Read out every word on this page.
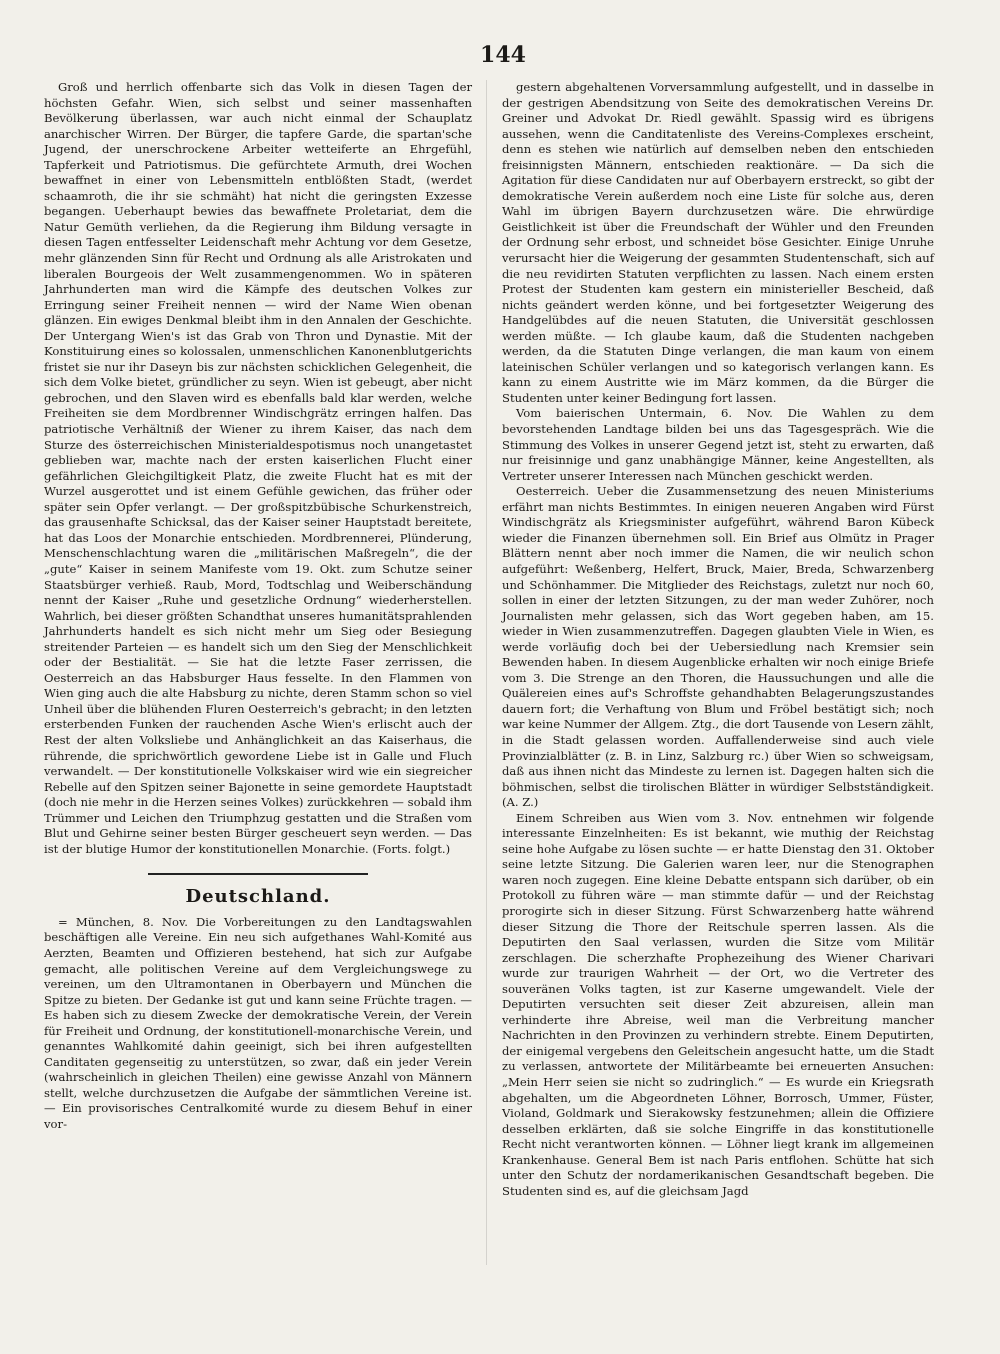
144

Groß und herrlich offenbarte sich das Volk in diesen Tagen der höchsten Gefahr. Wien, sich selbst und seiner massenhaften Bevölkerung überlassen, war auch nicht einmal der Schauplatz anarchischer Wirren. Der Bürger, die tapfere Garde, die spartan'sche Jugend, der unerschrockene Arbeiter wetteiferte an Ehrgefühl, Tapferkeit und Patriotismus. Die gefürchtete Armuth, drei Wochen bewaffnet in einer von Lebensmitteln entblößten Stadt, (werdet schaamroth, die ihr sie schmäht) hat nicht die geringsten Exzesse begangen. Ueberhaupt bewies das bewaffnete Proletariat, dem die Natur Gemüth verliehen, da die Regierung ihm Bildung versagte in diesen Tagen entfesselter Leidenschaft mehr Achtung vor dem Gesetze, mehr glänzenden Sinn für Recht und Ordnung als alle Aristrokaten und liberalen Bourgeois der Welt zusammengenommen. Wo in späteren Jahrhunderten man wird die Kämpfe des deutschen Volkes zur Erringung seiner Freiheit nennen — wird der Name Wien obenan glänzen. Ein ewiges Denkmal bleibt ihm in den Annalen der Geschichte. Der Untergang Wien's ist das Grab von Thron und Dynastie. Mit der Konstituirung eines so kolossalen, unmenschlichen Kanonenblutgerichts fristet sie nur ihr Daseyn bis zur nächsten schicklichen Gelegenheit, die sich dem Volke bietet, gründlicher zu seyn. Wien ist gebeugt, aber nicht gebrochen, und den Slaven wird es ebenfalls bald klar werden, welche Freiheiten sie dem Mordbrenner Windischgrätz erringen halfen. Das patriotische Verhältniß der Wiener zu ihrem Kaiser, das nach dem Sturze des österreichischen Ministerialdespotismus noch unangetastet geblieben war, machte nach der ersten kaiserlichen Flucht einer gefährlichen Gleichgiltigkeit Platz, die zweite Flucht hat es mit der Wurzel ausgerottet und ist einem Gefühle gewichen, das früher oder später sein Opfer verlangt. — Der großspitzbübische Schurkenstreich, das grausenhafte Schicksal, das der Kaiser seiner Hauptstadt bereitete, hat das Loos der Monarchie entschieden. Mordbrennerei, Plünderung, Menschenschlachtung waren die „militärischen Maßregeln“, die der „gute“ Kaiser in seinem Manifeste vom 19. Okt. zum Schutze seiner Staatsbürger verhieß. Raub, Mord, Todtschlag und Weiberschändung nennt der Kaiser „Ruhe und gesetzliche Ordnung“ wiederherstellen. Wahrlich, bei dieser größten Schandthat unseres humanitätsprahlenden Jahrhunderts handelt es sich nicht mehr um Sieg oder Besiegung streitender Parteien — es handelt sich um den Sieg der Menschlichkeit oder der Bestialität. — Sie hat die letzte Faser zerrissen, die Oesterreich an das Habsburger Haus fesselte. In den Flammen von Wien ging auch die alte Habsburg zu nichte, deren Stamm schon so viel Unheil über die blühenden Fluren Oesterreich's gebracht; in den letzten ersterbenden Funken der rauchenden Asche Wien's erlischt auch der Rest der alten Volksliebe und Anhänglichkeit an das Kaiserhaus, die rührende, die sprichwörtlich gewordene Liebe ist in Galle und Fluch verwandelt. — Der konstitutionelle Volkskaiser wird wie ein siegreicher Rebelle auf den Spitzen seiner Bajonette in seine gemordete Hauptstadt (doch nie mehr in die Herzen seines Volkes) zurückkehren — sobald ihm Trümmer und Leichen den Triumphzug gestatten und die Straßen vom Blut und Gehirne seiner besten Bürger gescheuert seyn werden. — Das ist der blutige Humor der konstitutionellen Monarchie. (Forts. folgt.)

Deutschland.

= München, 8. Nov. Die Vorbereitungen zu den Landtagswahlen beschäftigen alle Vereine. Ein neu sich aufgethanes Wahl-Komité aus Aerzten, Beamten und Offizieren bestehend, hat sich zur Aufgabe gemacht, alle politischen Vereine auf dem Vergleichungswege zu vereinen, um den Ultramontanen in Oberbayern und München die Spitze zu bieten. Der Gedanke ist gut und kann seine Früchte tragen. — Es haben sich zu diesem Zwecke der demokratische Verein, der Verein für Freiheit und Ordnung, der konstitutionell-monarchische Verein, und genanntes Wahlkomité dahin geeinigt, sich bei ihren aufgestellten Canditaten gegenseitig zu unterstützen, so zwar, daß ein jeder Verein (wahrscheinlich in gleichen Theilen) eine gewisse Anzahl von Männern stellt, welche durchzusetzen die Aufgabe der sämmtlichen Vereine ist. — Ein provisorisches Centralkomité wurde zu diesem Behuf in einer vor-

gestern abgehaltenen Vorversammlung aufgestellt, und in dasselbe in der gestrigen Abendsitzung von Seite des demokratischen Vereins Dr. Greiner und Advokat Dr. Riedl gewählt. Spassig wird es übrigens aussehen, wenn die Canditatenliste des Vereins-Complexes erscheint, denn es stehen wie natürlich auf demselben neben den entschieden freisinnigsten Männern, entschieden reaktionäre. — Da sich die Agitation für diese Candidaten nur auf Oberbayern erstreckt, so gibt der demokratische Verein außerdem noch eine Liste für solche aus, deren Wahl im übrigen Bayern durchzusetzen wäre. Die ehrwürdige Geistlichkeit ist über die Freundschaft der Wühler und den Freunden der Ordnung sehr erbost, und schneidet böse Gesichter. Einige Unruhe verursacht hier die Weigerung der gesammten Studentenschaft, sich auf die neu revidirten Statuten verpflichten zu lassen. Nach einem ersten Protest der Studenten kam gestern ein ministerieller Bescheid, daß nichts geändert werden könne, und bei fortgesetzter Weigerung des Handgelübdes auf die neuen Statuten, die Universität geschlossen werden müßte. — Ich glaube kaum, daß die Studenten nachgeben werden, da die Statuten Dinge verlangen, die man kaum von einem lateinischen Schüler verlangen und so kategorisch verlangen kann. Es kann zu einem Austritte wie im März kommen, da die Bürger die Studenten unter keiner Bedingung fort lassen.

Vom baierischen Untermain, 6. Nov. Die Wahlen zu dem bevorstehenden Landtage bilden bei uns das Tagesgespräch. Wie die Stimmung des Volkes in unserer Gegend jetzt ist, steht zu erwarten, daß nur freisinnige und ganz unabhängige Männer, keine Angestellten, als Vertreter unserer Interessen nach München geschickt werden.

Oesterreich. Ueber die Zusammensetzung des neuen Ministeriums erfährt man nichts Bestimmtes. In einigen neueren Angaben wird Fürst Windischgrätz als Kriegsminister aufgeführt, während Baron Kübeck wieder die Finanzen übernehmen soll. Ein Brief aus Olmütz in Prager Blättern nennt aber noch immer die Namen, die wir neulich schon aufgeführt: Weßenberg, Helfert, Bruck, Maier, Breda, Schwarzenberg und Schönhammer. Die Mitglieder des Reichstags, zuletzt nur noch 60, sollen in einer der letzten Sitzungen, zu der man weder Zuhörer, noch Journalisten mehr gelassen, sich das Wort gegeben haben, am 15. wieder in Wien zusammenzutreffen. Dagegen glaubten Viele in Wien, es werde vorläufig doch bei der Uebersiedlung nach Kremsier sein Bewenden haben. In diesem Augenblicke erhalten wir noch einige Briefe vom 3. Die Strenge an den Thoren, die Haussuchungen und alle die Quälereien eines auf's Schroffste gehandhabten Belagerungszustandes dauern fort; die Verhaftung von Blum und Fröbel bestätigt sich; noch war keine Nummer der Allgem. Ztg., die dort Tausende von Lesern zählt, in die Stadt gelassen worden. Auffallenderweise sind auch viele Provinzialblätter (z. B. in Linz, Salzburg rc.) über Wien so schweigsam, daß aus ihnen nicht das Mindeste zu lernen ist. Dagegen halten sich die böhmischen, selbst die tirolischen Blätter in würdiger Selbstständigkeit. (A. Z.)

Einem Schreiben aus Wien vom 3. Nov. entnehmen wir folgende interessante Einzelnheiten: Es ist bekannt, wie muthig der Reichstag seine hohe Aufgabe zu lösen suchte — er hatte Dienstag den 31. Oktober seine letzte Sitzung. Die Galerien waren leer, nur die Stenographen waren noch zugegen. Eine kleine Debatte entspann sich darüber, ob ein Protokoll zu führen wäre — man stimmte dafür — und der Reichstag prorogirte sich in dieser Sitzung. Fürst Schwarzenberg hatte während dieser Sitzung die Thore der Reitschule sperren lassen. Als die Deputirten den Saal verlassen, wurden die Sitze vom Militär zerschlagen. Die scherzhafte Prophezeihung des Wiener Charivari wurde zur traurigen Wahrheit — der Ort, wo die Vertreter des souveränen Volks tagten, ist zur Kaserne umgewandelt. Viele der Deputirten versuchten seit dieser Zeit abzureisen, allein man verhinderte ihre Abreise, weil man die Verbreitung mancher Nachrichten in den Provinzen zu verhindern strebte. Einem Deputirten, der einigemal vergebens den Geleitschein angesucht hatte, um die Stadt zu verlassen, antwortete der Militärbeamte bei erneuerten Ansuchen: „Mein Herr seien sie nicht so zudringlich.“ — Es wurde ein Kriegsrath abgehalten, um die Abgeordneten Löhner, Borrosch, Ummer, Füster, Violand, Goldmark und Sierakowsky festzunehmen; allein die Offiziere desselben erklärten, daß sie solche Eingriffe in das konstitutionelle Recht nicht verantworten können. — Löhner liegt krank im allgemeinen Krankenhause. General Bem ist nach Paris entflohen. Schütte hat sich unter den Schutz der nordamerikanischen Gesandtschaft begeben. Die Studenten sind es, auf die gleichsam Jagd
